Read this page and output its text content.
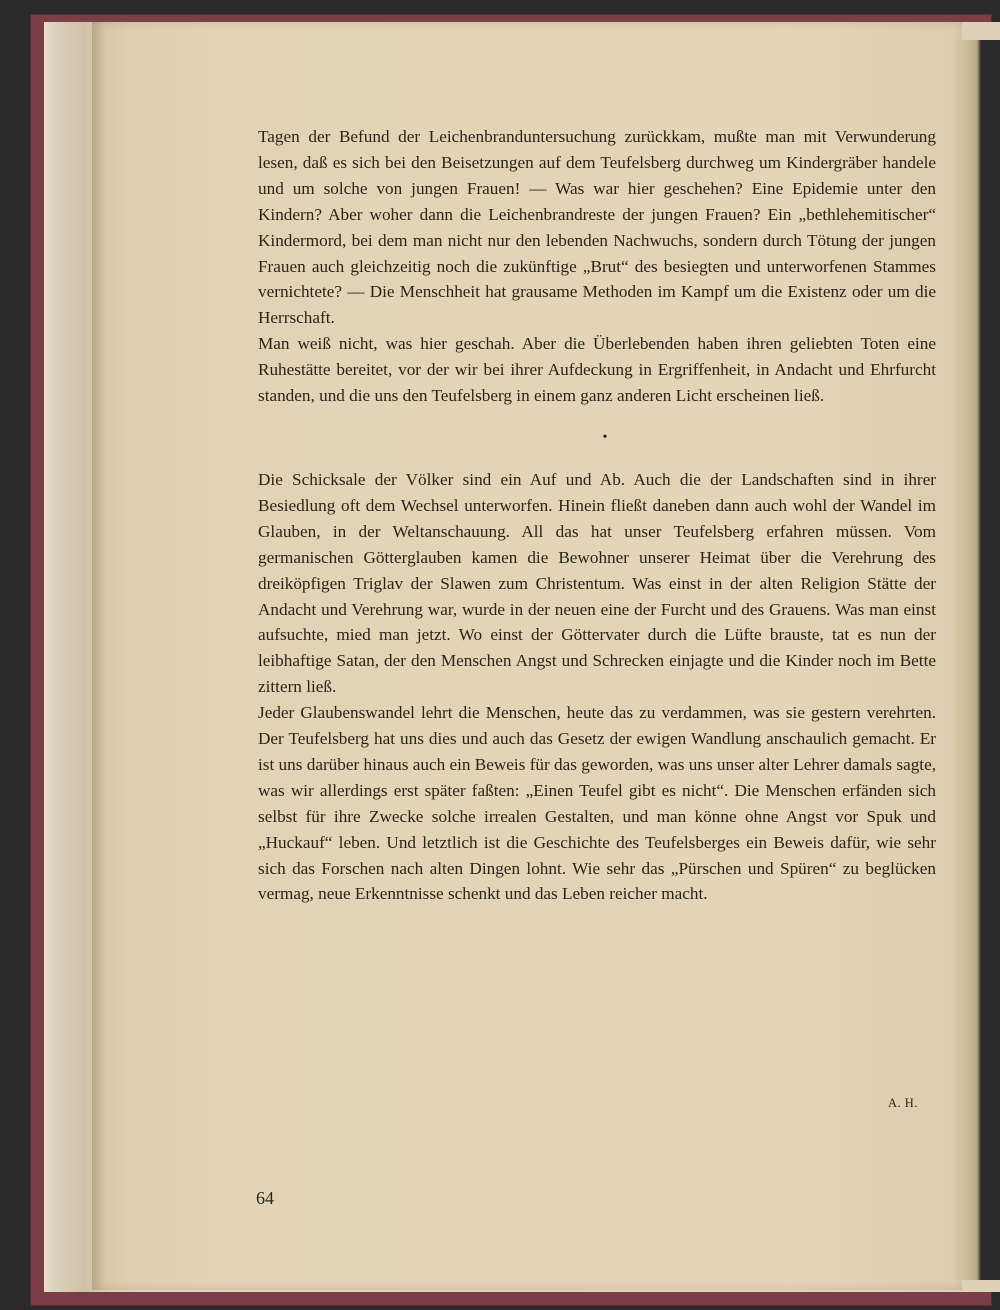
Tagen der Befund der Leichenbranduntersuchung zurückkam, mußte man mit Verwunderung lesen, daß es sich bei den Beisetzungen auf dem Teufelsberg durchweg um Kindergräber handele und um solche von jungen Frauen! — Was war hier geschehen? Eine Epidemie unter den Kindern? Aber woher dann die Leichenbrandreste der jungen Frauen? Ein „bethlehemitischer“ Kindermord, bei dem man nicht nur den lebenden Nachwuchs, sondern durch Tötung der jungen Frauen auch gleichzeitig noch die zukünftige „Brut“ des besiegten und unterworfenen Stammes vernichtete? — Die Menschheit hat grausame Methoden im Kampf um die Existenz oder um die Herrschaft.

Man weiß nicht, was hier geschah. Aber die Überlebenden haben ihren geliebten Toten eine Ruhestätte bereitet, vor der wir bei ihrer Aufdeckung in Ergriffenheit, in Andacht und Ehrfurcht standen, und die uns den Teufelsberg in einem ganz anderen Licht erscheinen ließ.

•

Die Schicksale der Völker sind ein Auf und Ab. Auch die der Landschaften sind in ihrer Besiedlung oft dem Wechsel unterworfen. Hinein fließt daneben dann auch wohl der Wandel im Glauben, in der Weltanschauung. All das hat unser Teufelsberg erfahren müssen. Vom germanischen Götterglauben kamen die Bewohner unserer Heimat über die Verehrung des dreiköpfigen Triglav der Slawen zum Christentum. Was einst in der alten Religion Stätte der Andacht und Verehrung war, wurde in der neuen eine der Furcht und des Grauens. Was man einst aufsuchte, mied man jetzt. Wo einst der Göttervater durch die Lüfte brauste, tat es nun der leibhaftige Satan, der den Menschen Angst und Schrecken einjagte und die Kinder noch im Bette zittern ließ.

Jeder Glaubenswandel lehrt die Menschen, heute das zu verdammen, was sie gestern verehrten. Der Teufelsberg hat uns dies und auch das Gesetz der ewigen Wandlung anschaulich gemacht. Er ist uns darüber hinaus auch ein Beweis für das geworden, was uns unser alter Lehrer damals sagte, was wir allerdings erst später faßten: „Einen Teufel gibt es nicht“. Die Menschen erfänden sich selbst für ihre Zwecke solche irrealen Gestalten, und man könne ohne Angst vor Spuk und „Huckauf“ leben. Und letztlich ist die Geschichte des Teufelsberges ein Beweis dafür, wie sehr sich das Forschen nach alten Dingen lohnt. Wie sehr das „Pürschen und Spüren“ zu beglücken vermag, neue Erkenntnisse schenkt und das Leben reicher macht.

A. H.
64
